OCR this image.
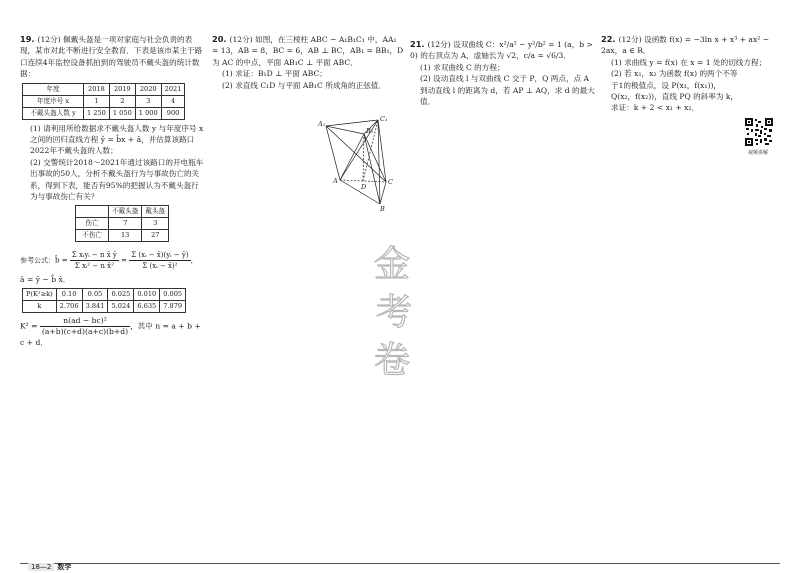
19. (12分) 佩戴头盔是一项对家庭与社会负责的表现，某市对此不断进行安全教育．下表是该市某主干路口连续4年监控设备抓拍到的驾驶员不戴头盔的统计数据：

年度	2018	2019	2020	2021
年度序号 x	1	2	3	4
不戴头盔人数 y	1 250	1 050	1 000	900

(1) 请利用所给数据求不戴头盔人数 y 与年度序号 x 之间的回归直线方程 ŷ = b̂x + â，并估算该路口2022年不戴头盔的人数；

(2) 交警统计2018～2021年通过该路口的开电瓶车出事故的50人，分析不戴头盔行为与事故伤亡的关系，得到下表，能否有95%的把握认为不戴头盔行为与事故伤亡有关？

	不戴头盔	戴头盔
伤亡	7	3
不伤亡	13	27
参考公式：b̂ = $\frac{\text{Σ xᵢyᵢ − n x̄ ȳ}}{\text{Σ xᵢ² − n x̄²}} = \frac{\text{Σ (xᵢ − x̄)(yᵢ − ȳ)}}{\text{Σ (xᵢ − x̄)²}}$ ，

â = ȳ − b̂ x̄．

P(K²≥k)	0.10	0.05	0.025	0.010	0.005
k	2.706	3.841	5.024	6.635	7.879
$K^2 = \frac{\text{n(ad − bc)²}}{(a+b)(c+d)(a+c)(b+d)}$ ，其中 n = a + b + c + d．

20. (12分) 如图，在三棱柱 ABC − A₁B₁C₁ 中，AA₁ = 13，AB = 8，BC = 6，AB ⊥ BC，AB₁ = BB₁，D 为 AC 的中点，平面 AB₁C ⊥ 平面 ABC．

(1) 求证：B₁D ⊥ 平面 ABC；

(2) 求直线 C₁D 与平面 AB₁C 所成角的正弦值．

A₁
C₁
B₁
A
D
C
B

21. (12分) 设双曲线 C：x²/a² − y²/b² = 1 (a，b > 0) 的右顶点为 A，虚轴长为 √2，c/a = √6/3．

(1) 求双曲线 C 的方程；

(2) 设动直线 l 与双曲线 C 交于 P，Q 两点，点 A 到动直线 l 的距离为 d，若 AP ⊥ AQ，求 d 的最大值．

22. (12分) 设函数 f(x) = −3ln x + x³ + ax² − 2ax，a ∈ R．

(1) 求曲线 y = f(x) 在 x = 1 处的切线方程；

(2) 若 x₁，x₂ 为函数 f(x) 的两个不等于1的极值点，设 P(x₁，f(x₁))，Q(x₂，f(x₂))，直线 PQ 的斜率为 k，求证：k + 2 < x₁ + x₂．

视频讲解
金
考
卷
18—2 数学
